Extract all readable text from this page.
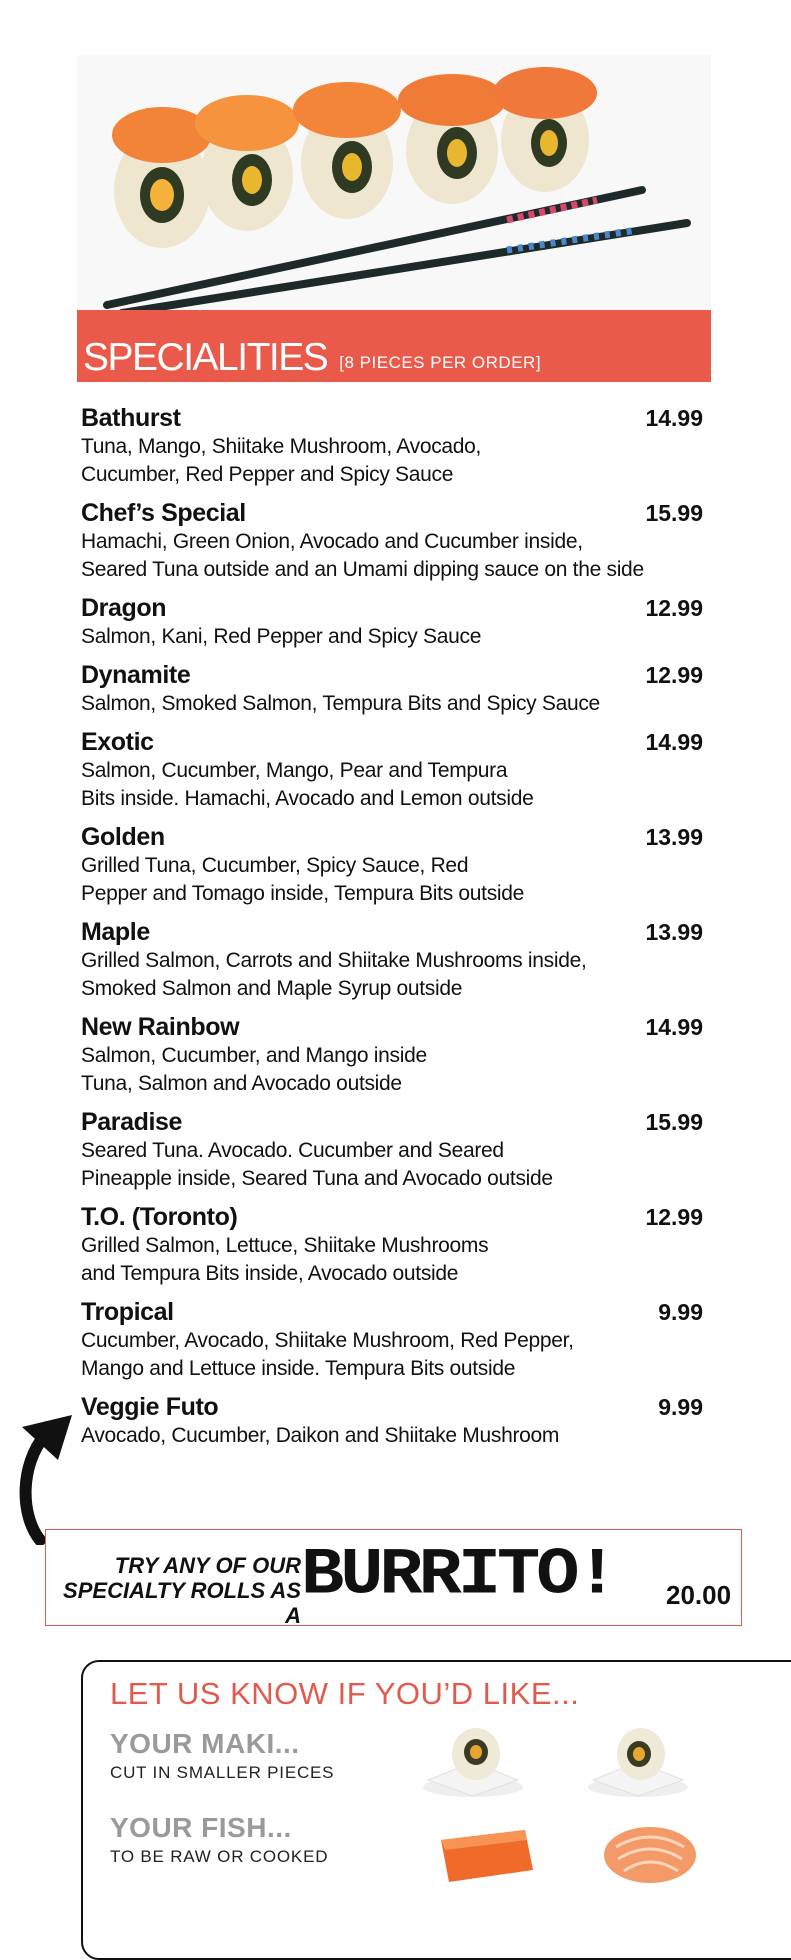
SPECIALITIES [8 PIECES PER ORDER]
Bathurst	14.99
Tuna, Mango, Shiitake Mushroom, Avocado,
Cucumber, Red Pepper and Spicy Sauce
Chef’s Special	15.99
Hamachi, Green Onion, Avocado and Cucumber inside,
Seared Tuna outside and an Umami dipping sauce on the side
Dragon	12.99
Salmon, Kani, Red Pepper and Spicy Sauce
Dynamite	12.99
Salmon, Smoked Salmon, Tempura Bits and Spicy Sauce
Exotic	14.99
Salmon, Cucumber, Mango, Pear and Tempura
Bits inside. Hamachi, Avocado and Lemon outside
Golden	13.99
Grilled Tuna, Cucumber, Spicy Sauce, Red
Pepper and Tomago inside, Tempura Bits outside
Maple	13.99
Grilled Salmon, Carrots and Shiitake Mushrooms inside,
Smoked Salmon and Maple Syrup outside
New Rainbow	14.99
Salmon, Cucumber, and Mango inside
Tuna, Salmon and Avocado outside
Paradise	15.99
Seared Tuna. Avocado. Cucumber and Seared
Pineapple inside, Seared Tuna and Avocado outside
T.O. (Toronto)	12.99
Grilled Salmon, Lettuce, Shiitake Mushrooms
and Tempura Bits inside, Avocado outside
Tropical	9.99
Cucumber, Avocado, Shiitake Mushroom, Red Pepper,
Mango and Lettuce inside. Tempura Bits outside
Veggie Futo	9.99
Avocado, Cucumber, Daikon and Shiitake Mushroom
TRY ANY OF OUR
SPECIALTY ROLLS AS A
BURRITO! 20.00
LET US KNOW IF YOU’D LIKE...
YOUR MAKI...
CUT IN SMALLER PIECES
YOUR FISH...
TO BE RAW OR COOKED
